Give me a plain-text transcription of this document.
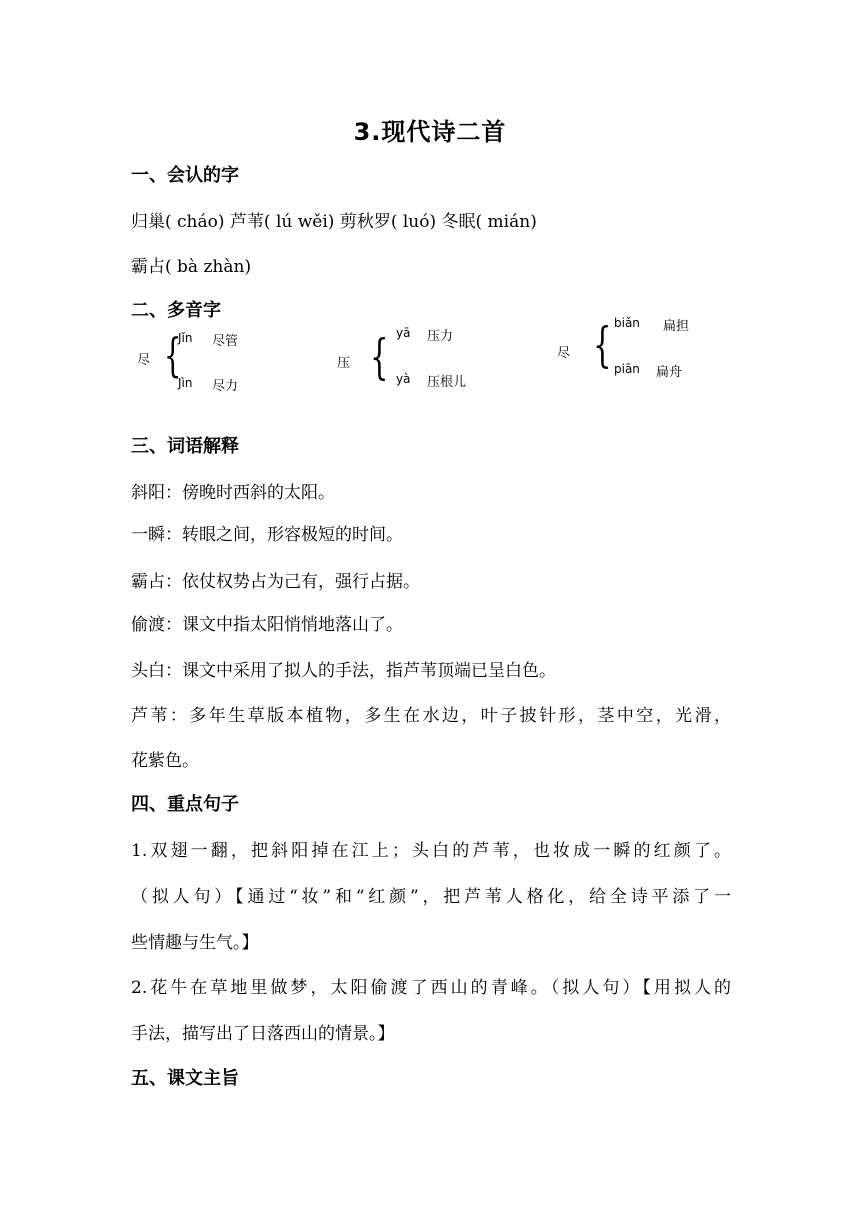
3.现代诗二首
一、会认的字
归巢( cháo) 芦苇( lú wěi) 剪秋罗( luó) 冬眠( mián)
霸占( bà zhàn)
二、多音字
尽 {
Jǐn 尽管
Jìn 尽力
压 { yā 压力
yà 压根儿
尽 { biǎn 扁担
piān 扁舟
三、词语解释
斜阳：傍晚时西斜的太阳。
一瞬：转眼之间，形容极短的时间。
霸占：依仗权势占为己有，强行占据。
偷渡：课文中指太阳悄悄地落山了。
头白：课文中采用了拟人的手法，指芦苇顶端已呈白色。
芦苇：多年生草版本植物，多生在水边，叶子披针形，茎中空，光滑，
花紫色。
四、重点句子
1.双翅一翻，把斜阳掉在江上；头白的芦苇，也妆成一瞬的红颜了。
（拟人句）【通过“妆”和“红颜”，把芦苇人格化，给全诗平添了一
些情趣与生气。】
2.花牛在草地里做梦，太阳偷渡了西山的青峰。（拟人句）【用拟人的
手法，描写出了日落西山的情景。】
五、课文主旨
